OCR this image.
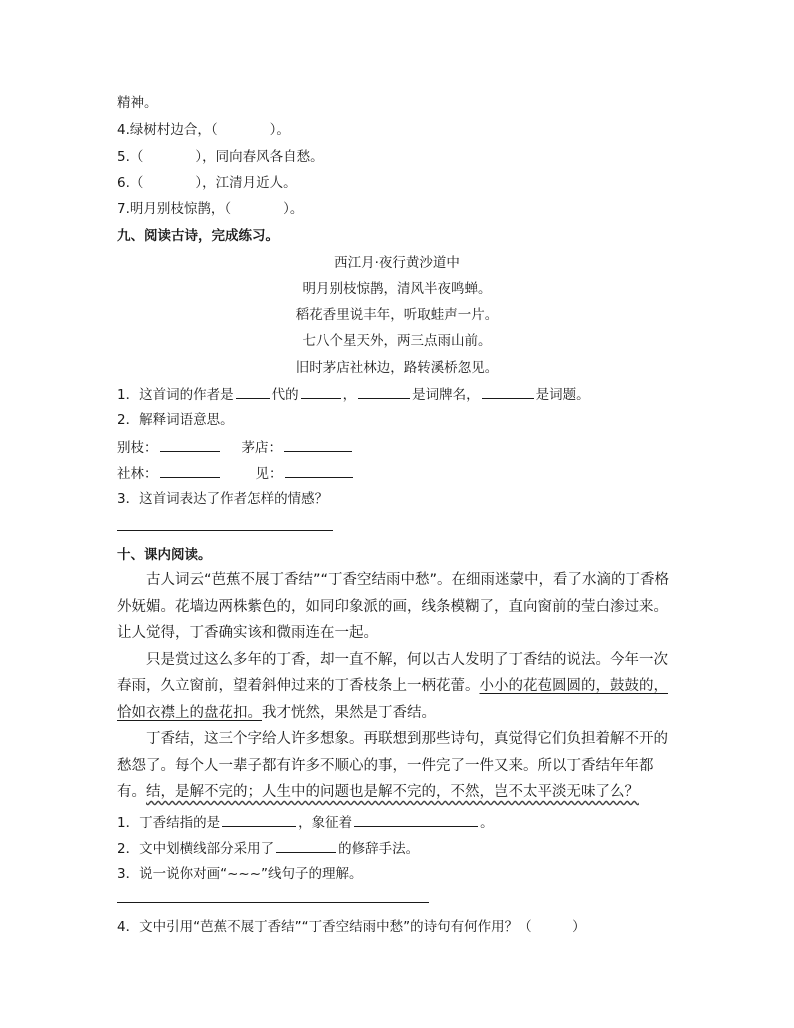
精神。
4.绿树村边合，（	）。
5.（	），同向春风各自愁。
6.（	），江清月近人。
7.明月别枝惊鹊，（	）。
九、阅读古诗，完成练习。
西江月·夜行黄沙道中
明月别枝惊鹊，清风半夜鸣蝉。
稻花香里说丰年，听取蛙声一片。
七八个星天外，两三点雨山前。
旧时茅店社林边，路转溪桥忽见。
1．这首词的作者是	代的	，	是词牌名，	是词题。
2．解释词语意思。
别枝：	茅店：
社林：	见：
3．这首词表达了作者怎样的情感？
十、课内阅读。

古人词云“芭蕉不展丁香结”“丁香空结雨中愁”。在细雨迷蒙中，看了水滴的丁香格外妩媚。花墙边两株紫色的，如同印象派的画，线条模糊了，直向窗前的莹白渗过来。让人觉得，丁香确实该和微雨连在一起。

只是赏过这么多年的丁香，却一直不解，何以古人发明了丁香结的说法。今年一次春雨，久立窗前，望着斜伸过来的丁香枝条上一柄花蕾。小小的花苞圆圆的，鼓鼓的，恰如衣襟上的盘花扣。我才恍然，果然是丁香结。

丁香结，这三个字给人许多想象。再联想到那些诗句，真觉得它们负担着解不开的愁怨了。每个人一辈子都有许多不顺心的事，一件完了一件又来。所以丁香结年年都有。结，是解不完的；人生中的问题也是解不完的，不然，岂不太平淡无味了么？

1．丁香结指的是	，象征着	。
2．文中划横线部分采用了	的修辞手法。
3．说一说你对画“~~~”线句子的理解。
4．文中引用“芭蕉不展丁香结”“丁香空结雨中愁”的诗句有何作用？（　　　）
